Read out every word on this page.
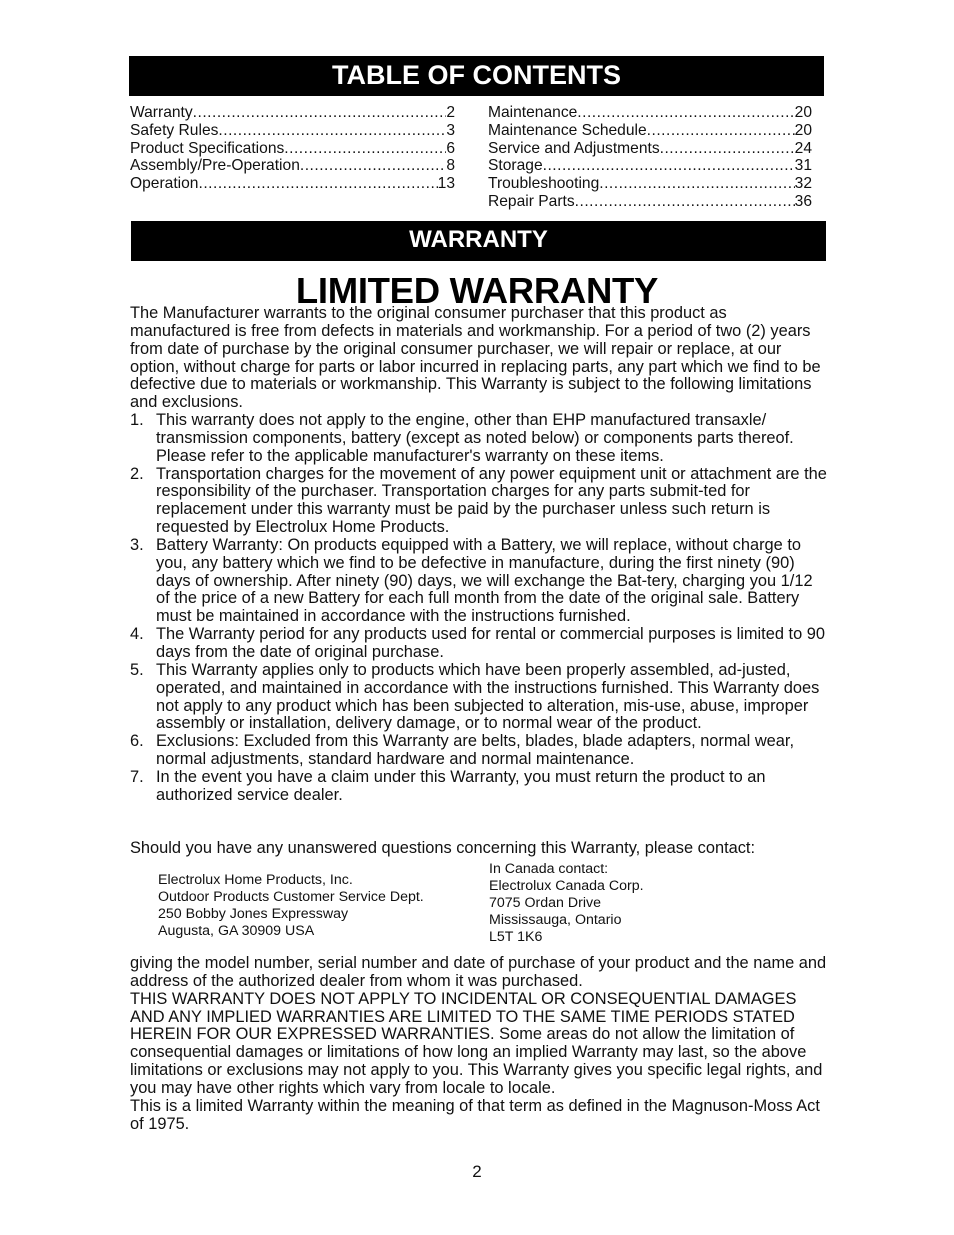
TABLE OF CONTENTS
Warranty .....	2
Safety Rules .....	3
Product Specifications .....	6
Assembly/Pre-Operation .....	8
Operation .....	13
Maintenance .....	20
Maintenance Schedule .....	20
Service and Adjustments .....	24
Storage .....	31
Troubleshooting .....	32
Repair Parts .....	36
WARRANTY
LIMITED WARRANTY
The Manufacturer warrants to the original consumer purchaser that this product as manufactured is free from defects in materials and workmanship. For a period of two (2) years from date of purchase by the original consumer purchaser, we will repair or replace, at our option, without charge for parts or labor incurred in replacing parts, any part which we find to be defective due to materials or workmanship. This Warranty is subject to the following limitations and exclusions.
1. This warranty does not apply to the engine, other than EHP manufactured transaxle/ transmission components, battery (except as noted below) or components parts thereof. Please refer to the applicable manufacturer's warranty on these items.
2. Transportation charges for the movement of any power equipment unit or attachment are the responsibility of the purchaser. Transportation charges for any parts submit-ted for replacement under this warranty must be paid by the purchaser unless such return is requested by Electrolux Home Products.
3. Battery Warranty: On products equipped with a Battery, we will replace, without charge to you, any battery which we find to be defective in manufacture, during the first ninety (90) days of ownership. After ninety (90) days, we will exchange the Bat-tery, charging you 1/12 of the price of a new Battery for each full month from the date of the original sale. Battery must be maintained in accordance with the instructions furnished.
4. The Warranty period for any products used for rental or commercial purposes is limited to 90 days from the date of original purchase.
5. This Warranty applies only to products which have been properly assembled, ad-justed, operated, and maintained in accordance with the instructions furnished. This Warranty does not apply to any product which has been subjected to alteration, mis-use, abuse, improper assembly or installation, delivery damage, or to normal wear of the product.
6. Exclusions: Excluded from this Warranty are belts, blades, blade adapters, normal wear, normal adjustments, standard hardware and normal maintenance.
7. In the event you have a claim under this Warranty, you must return the product to an authorized service dealer.
Should you have any unanswered questions concerning this Warranty, please contact:
Electrolux Home Products, Inc.
Outdoor Products Customer Service Dept.
250 Bobby Jones Expressway
Augusta, GA 30909 USA
In Canada contact:
Electrolux Canada Corp.
7075 Ordan Drive
Mississauga, Ontario
L5T 1K6
giving the model number, serial number and date of purchase of your product and the name and address of the authorized dealer from whom it was purchased.
THIS WARRANTY DOES NOT APPLY TO INCIDENTAL OR CONSEQUENTIAL DAMAGES AND ANY IMPLIED WARRANTIES ARE LIMITED TO THE SAME TIME PERIODS STATED HEREIN FOR OUR EXPRESSED WARRANTIES. Some areas do not allow the limitation of consequential damages or limitations of how long an implied Warranty may last, so the above limitations or exclusions may not apply to you. This Warranty gives you specific legal rights, and you may have other rights which vary from locale to locale.
This is a limited Warranty within the meaning of that term as defined in the Magnuson-Moss Act of 1975.
2
